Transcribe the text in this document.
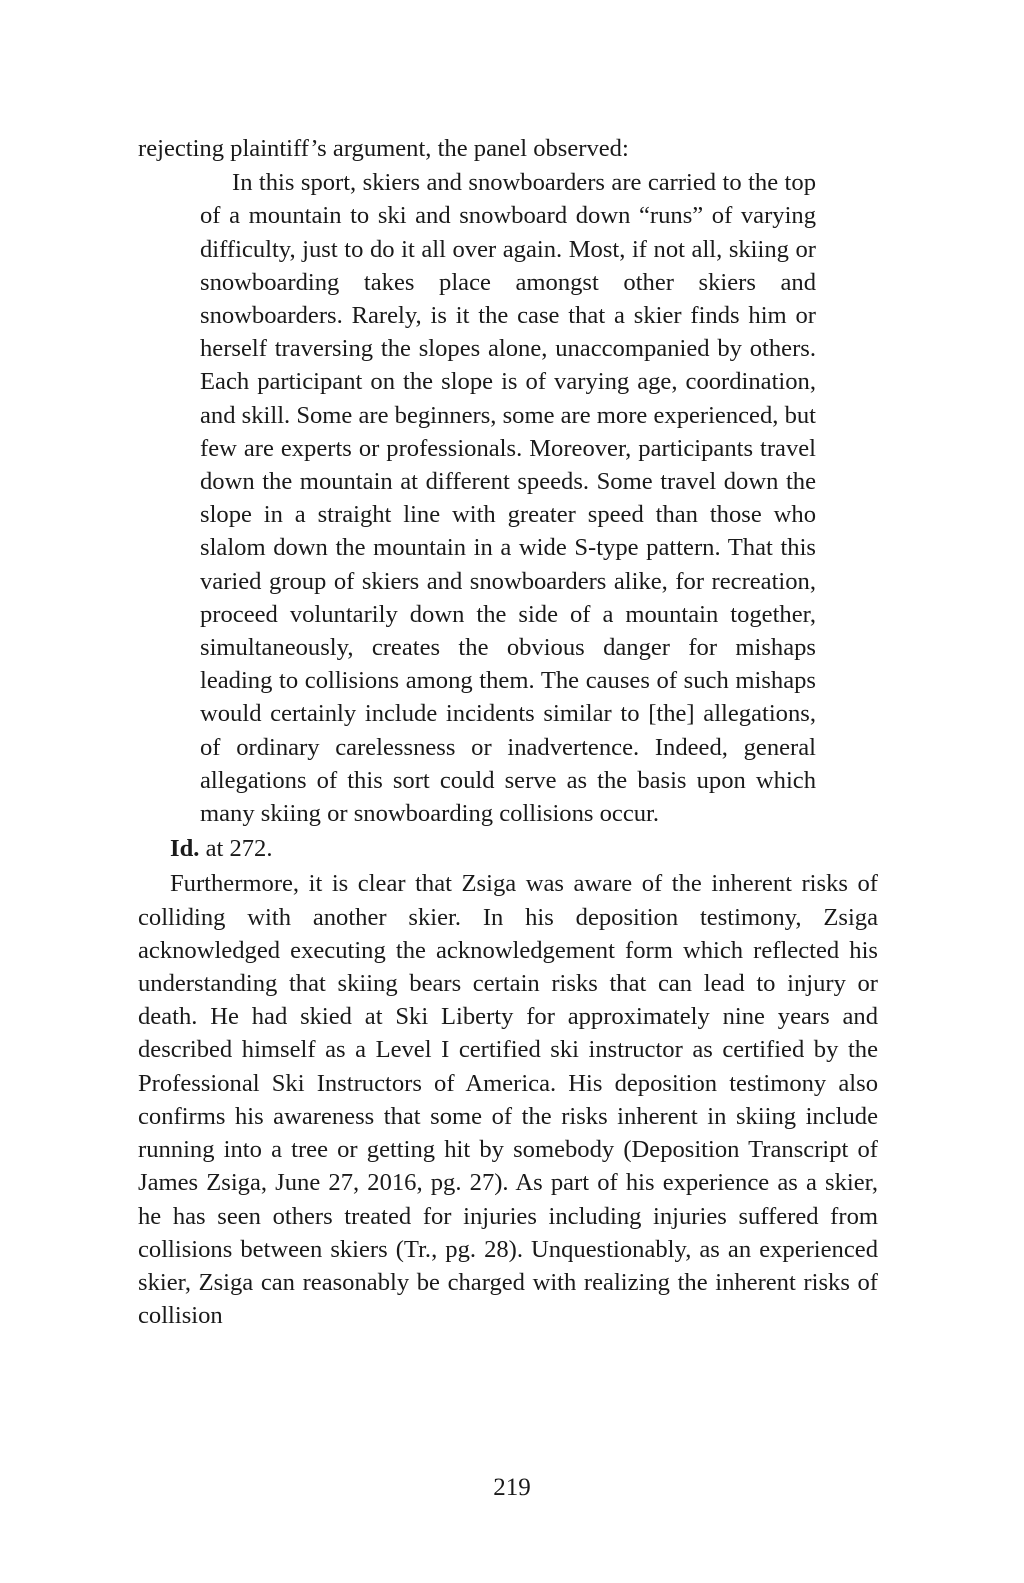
rejecting plaintiff’s argument, the panel observed:

In this sport, skiers and snowboarders are carried to the top of a mountain to ski and snowboard down “runs” of varying difficulty, just to do it all over again. Most, if not all, skiing or snowboarding takes place amongst other skiers and snowboarders. Rarely, is it the case that a skier finds him or herself traversing the slopes alone, unaccompanied by others. Each participant on the slope is of varying age, coordination, and skill. Some are beginners, some are more experienced, but few are experts or professionals. Moreover, participants travel down the mountain at different speeds. Some travel down the slope in a straight line with greater speed than those who slalom down the mountain in a wide S-type pattern. That this varied group of skiers and snowboarders alike, for recreation, proceed voluntarily down the side of a mountain together, simultaneously, creates the obvious danger for mishaps leading to collisions among them. The causes of such mishaps would certainly include incidents similar to [the] allegations, of ordinary carelessness or inadvertence. Indeed, general allegations of this sort could serve as the basis upon which many skiing or snowboarding collisions occur.

Id. at 272.

Furthermore, it is clear that Zsiga was aware of the inherent risks of colliding with another skier. In his deposition testimony, Zsiga acknowledged executing the acknowledgement form which reflected his understanding that skiing bears certain risks that can lead to injury or death. He had skied at Ski Liberty for approximately nine years and described himself as a Level I certified ski instructor as certified by the Professional Ski Instructors of America. His deposition testimony also confirms his awareness that some of the risks inherent in skiing include running into a tree or getting hit by somebody (Deposition Transcript of James Zsiga, June 27, 2016, pg. 27). As part of his experience as a skier, he has seen others treated for injuries including injuries suffered from collisions between skiers (Tr., pg. 28). Unquestionably, as an experienced skier, Zsiga can reasonably be charged with realizing the inherent risks of collision

219
